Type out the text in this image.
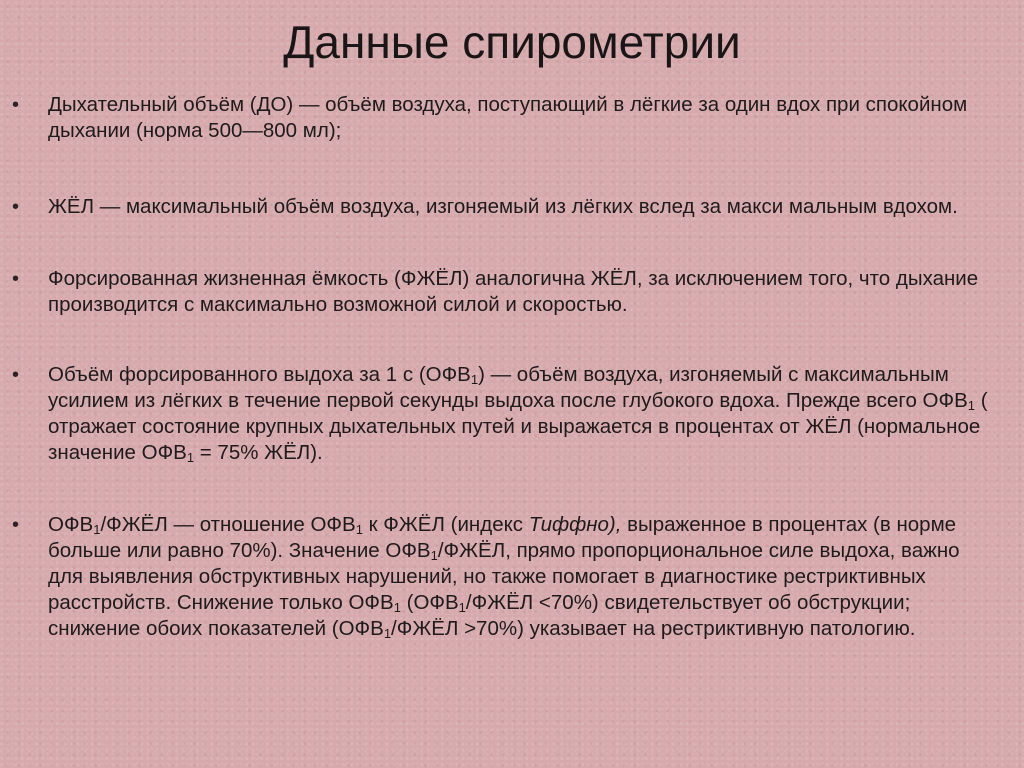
Данные спирометрии
• Дыхательный объём (ДО) — объём воздуха, поступающий в лёгкие за один вдох при спокойном дыхании (норма 500—800 мл);
• ЖЁЛ — максимальный объём воздуха, изгоняемый из лёгких вслед за макси мальным вдохом.
• Форсированная жизненная ёмкость (ФЖЁЛ) аналогична ЖЁЛ, за исключением того, что дыхание производится с максимально возможной силой и скоростью.
• Объём форсированного выдоха за 1 с $(ОФВ_1)$ — объём воздуха, изгоняемый с максимальным усилием из лёгких в течение первой секунды выдоха после глубокого вдоха. Прежде всего $ОФВ_1$ ( отражает состояние крупных дыхательных путей и выражается в процентах от ЖЁЛ (нормальное значение $ОФВ_1 = 75\%$ ЖЁЛ).
• $ОФВ_1$/ФЖЁЛ — отношение $ОФВ_1$ к ФЖЁЛ (индекс Тиффно), выраженное в процентах (в норме больше или равно 70%). Значение $ОФВ_1$/ФЖЁЛ, прямо пропорциональное силе выдоха, важно для выявления обструктивных нарушений, но также помогает в диагностике рестриктивных расстройств. Снижение только $ОФВ_1$ ($ОФВ_1$/ФЖЁЛ <70%) свидетельствует об обструкции; снижение обоих показателей ($ОФВ_1$/ФЖЁЛ >70%) указывает на рестриктивную патологию.
